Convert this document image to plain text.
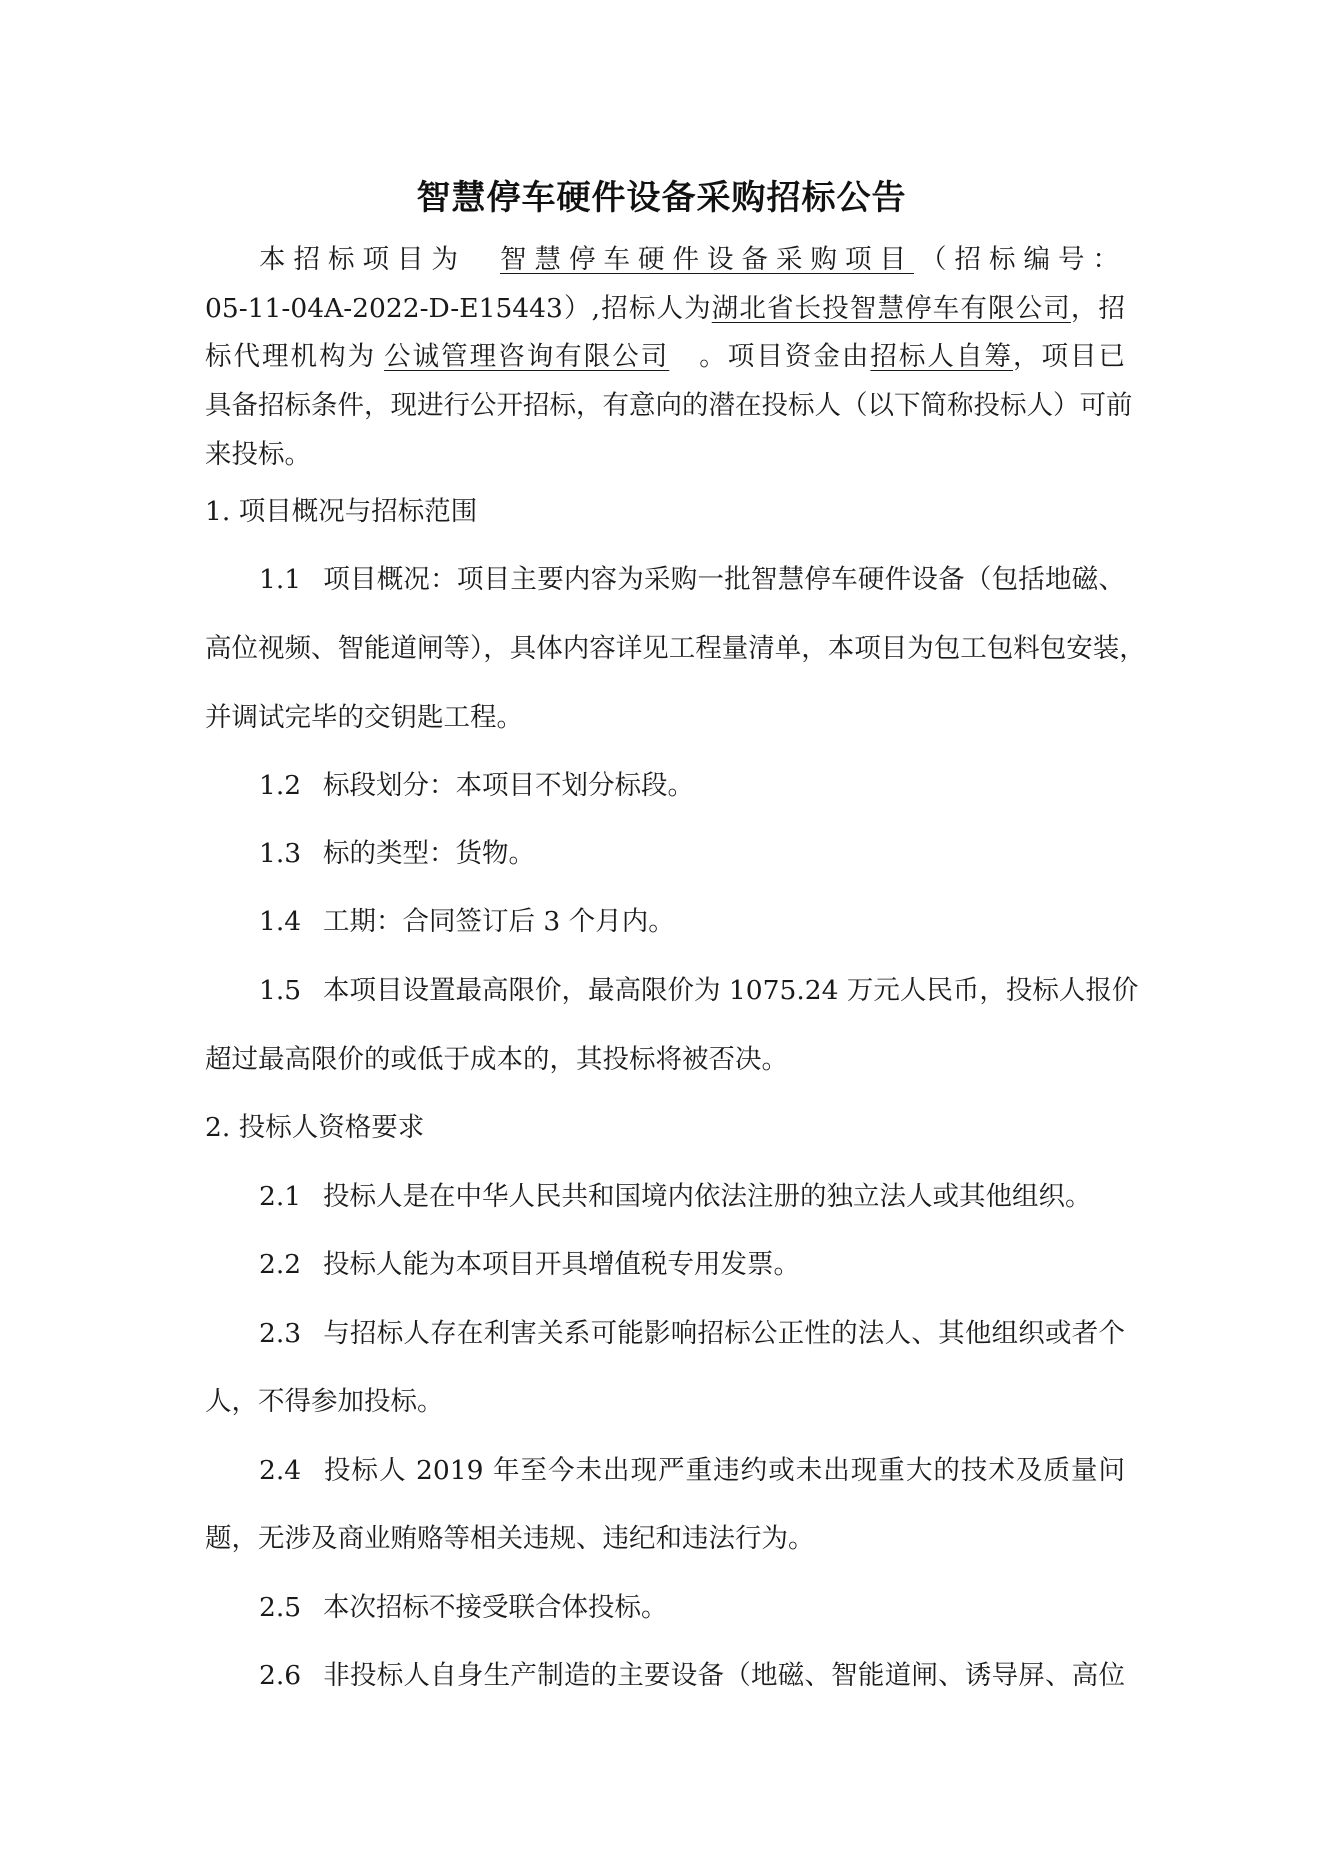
智慧停车硬件设备采购招标公告
本招标项目为 智慧停车硬件设备采购项目 （招标编号：
05-11-04A-2022-D-E15443）,招标人为湖北省长投智慧停车有限公司，招
标代理机构为 公诚管理咨询有限公司 。项目资金由招标人自筹，项目已
具备招标条件，现进行公开招标，有意向的潜在投标人（以下简称投标人）可前
来投标。
1. 项目概况与招标范围
1.1 项目概况：项目主要内容为采购一批智慧停车硬件设备（包括地磁、
高位视频、智能道闸等），具体内容详见工程量清单，本项目为包工包料包安装，
并调试完毕的交钥匙工程。
1.2 标段划分：本项目不划分标段。
1.3 标的类型：货物。
1.4 工期：合同签订后 3 个月内。
1.5 本项目设置最高限价，最高限价为 1075.24 万元人民币，投标人报价
超过最高限价的或低于成本的，其投标将被否决。
2. 投标人资格要求
2.1 投标人是在中华人民共和国境内依法注册的独立法人或其他组织。
2.2 投标人能为本项目开具增值税专用发票。
2.3 与招标人存在利害关系可能影响招标公正性的法人、其他组织或者个
人，不得参加投标。
2.4 投标人 2019 年至今未出现严重违约或未出现重大的技术及质量问
题，无涉及商业贿赂等相关违规、违纪和违法行为。
2.5 本次招标不接受联合体投标。
2.6 非投标人自身生产制造的主要设备（地磁、智能道闸、诱导屏、高位
